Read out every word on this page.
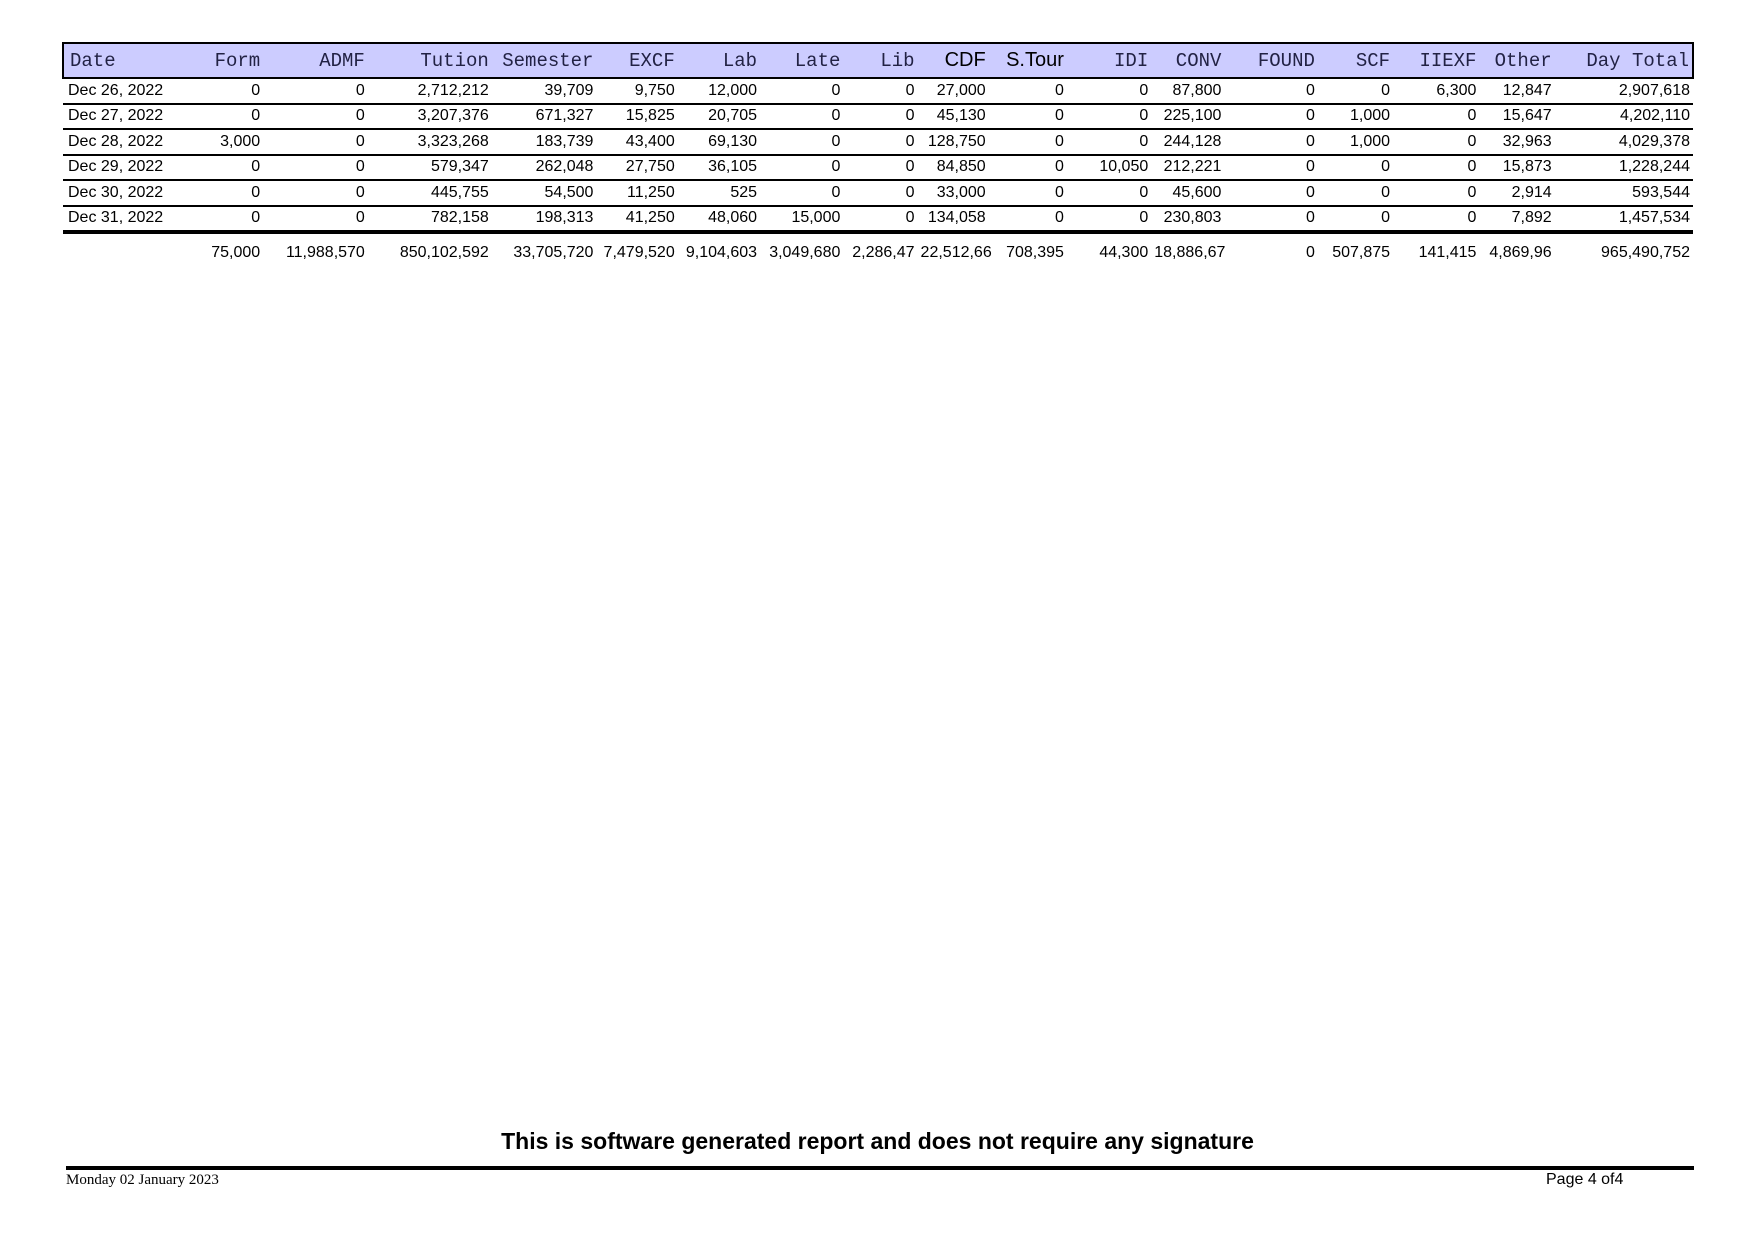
Date	Form	ADMF	Tution	Semester	EXCF	Lab	Late	Lib	CDF	S.Tour	IDI	CONV	FOUND	SCF	IIEXF	Other	Day Total
Dec 26, 2022	0	0	2,712,212	39,709	9,750	12,000	0	0	27,000	0	0	87,800	0	0	6,300	12,847	2,907,618
Dec 27, 2022	0	0	3,207,376	671,327	15,825	20,705	0	0	45,130	0	0	225,100	0	1,000	0	15,647	4,202,110
Dec 28, 2022	3,000	0	3,323,268	183,739	43,400	69,130	0	0	128,750	0	0	244,128	0	1,000	0	32,963	4,029,378
Dec 29, 2022	0	0	579,347	262,048	27,750	36,105	0	0	84,850	0	10,050	212,221	0	0	0	15,873	1,228,244
Dec 30, 2022	0	0	445,755	54,500	11,250	525	0	0	33,000	0	0	45,600	0	0	0	2,914	593,544
Dec 31, 2022	0	0	782,158	198,313	41,250	48,060	15,000	0	134,058	0	0	230,803	0	0	0	7,892	1,457,534
	75,000	11,988,570	850,102,592	33,705,720	7,479,520	9,104,603	3,049,680	2,286,47	22,512,66	708,395	44,300	18,886,67	0	507,875	141,415	4,869,96	965,490,752
This is software generated report and does not require any signature
Monday 02 January 2023	Page 4 of4
